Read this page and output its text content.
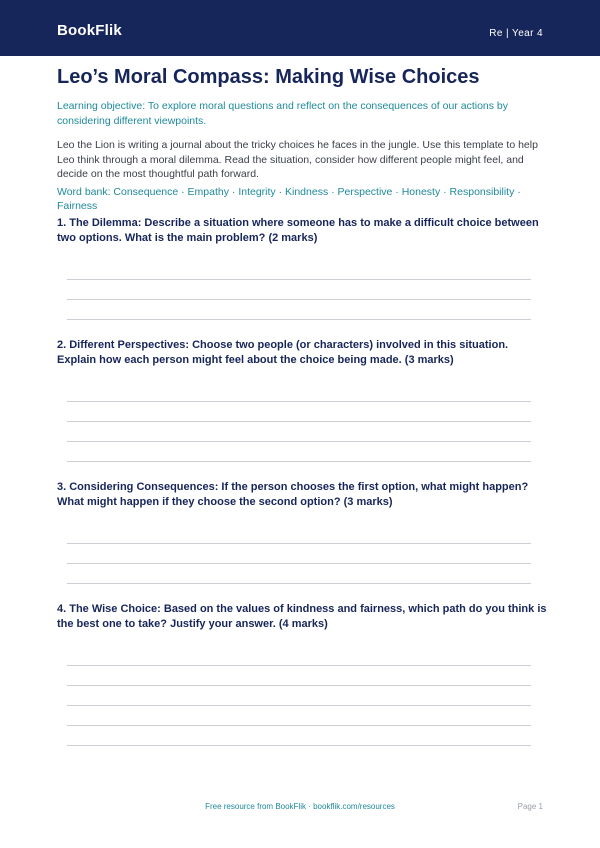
BookFlik	Re | Year 4
Leo’s Moral Compass: Making Wise Choices

Learning objective: To explore moral questions and reflect on the consequences of our actions by considering different viewpoints.

Leo the Lion is writing a journal about the tricky choices he faces in the jungle. Use this template to help Leo think through a moral dilemma. Read the situation, consider how different people might feel, and decide on the most thoughtful path forward.

Word bank: Consequence · Empathy · Integrity · Kindness · Perspective · Honesty · Responsibility · Fairness

1. The Dilemma: Describe a situation where someone has to make a difficult choice between two options. What is the main problem? (2 marks)

2. Different Perspectives: Choose two people (or characters) involved in this situation. Explain how each person might feel about the choice being made. (3 marks)

3. Considering Consequences: If the person chooses the first option, what might happen? What might happen if they choose the second option? (3 marks)

4. The Wise Choice: Based on the values of kindness and fairness, which path do you think is the best one to take? Justify your answer. (4 marks)

Free resource from BookFlik · bookflik.com/resources	Page 1
